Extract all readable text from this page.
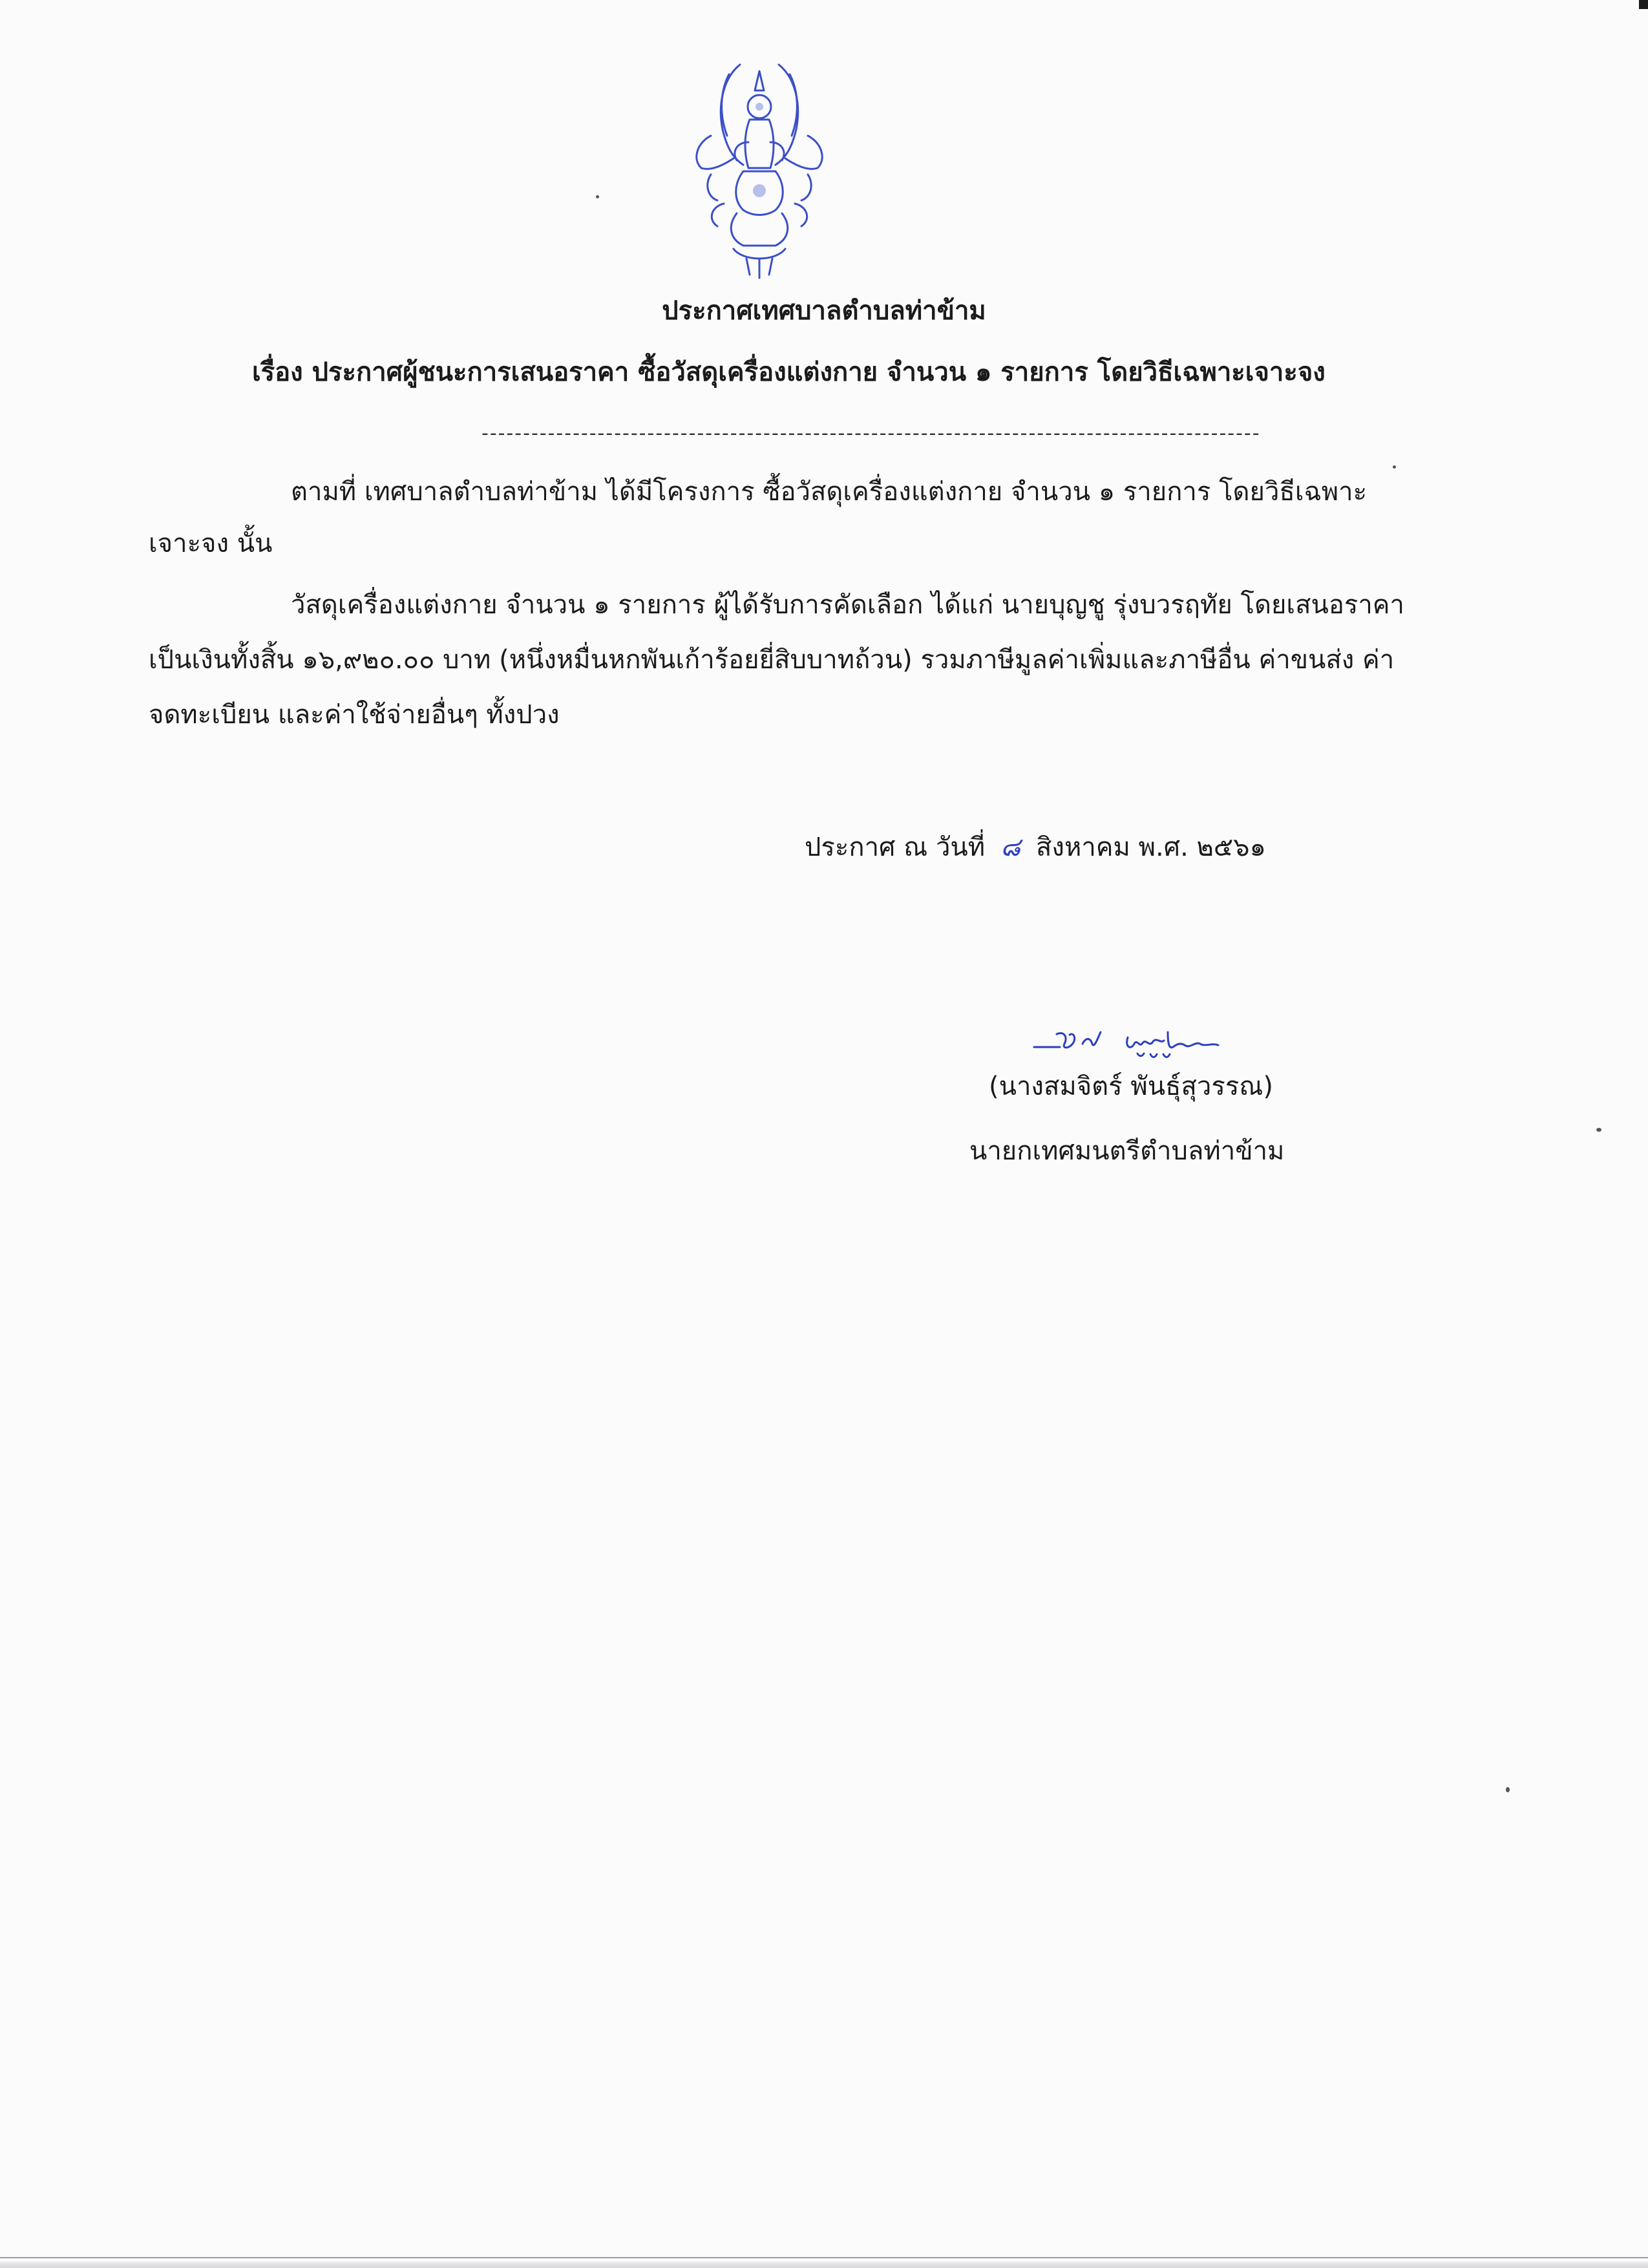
ประกาศเทศบาลตำบลท่าข้าม
เรื่อง ประกาศผู้ชนะการเสนอราคา ซื้อวัสดุเครื่องแต่งกาย จำนวน ๑ รายการ โดยวิธีเฉพาะเจาะจง
----------------------------------------------------------------------------------------------
ตามที่ เทศบาลตำบลท่าข้าม ได้มีโครงการ ซื้อวัสดุเครื่องแต่งกาย จำนวน ๑ รายการ โดยวิธีเฉพาะ
เจาะจง นั้น
วัสดุเครื่องแต่งกาย จำนวน ๑ รายการ ผู้ได้รับการคัดเลือก ได้แก่ นายบุญชู รุ่งบวรฤทัย โดยเสนอราคา
เป็นเงินทั้งสิ้น ๑๖,๙๒๐.๐๐ บาท (หนึ่งหมื่นหกพันเก้าร้อยยี่สิบบาทถ้วน) รวมภาษีมูลค่าเพิ่มและภาษีอื่น ค่าขนส่ง ค่า
จดทะเบียน และค่าใช้จ่ายอื่นๆ ทั้งปวง
ประกาศ ณ วันที่ ๘ สิงหาคม พ.ศ. ๒๕๖๑
(นางสมจิตร์ พันธุ์สุวรรณ)
นายกเทศมนตรีตำบลท่าข้าม
